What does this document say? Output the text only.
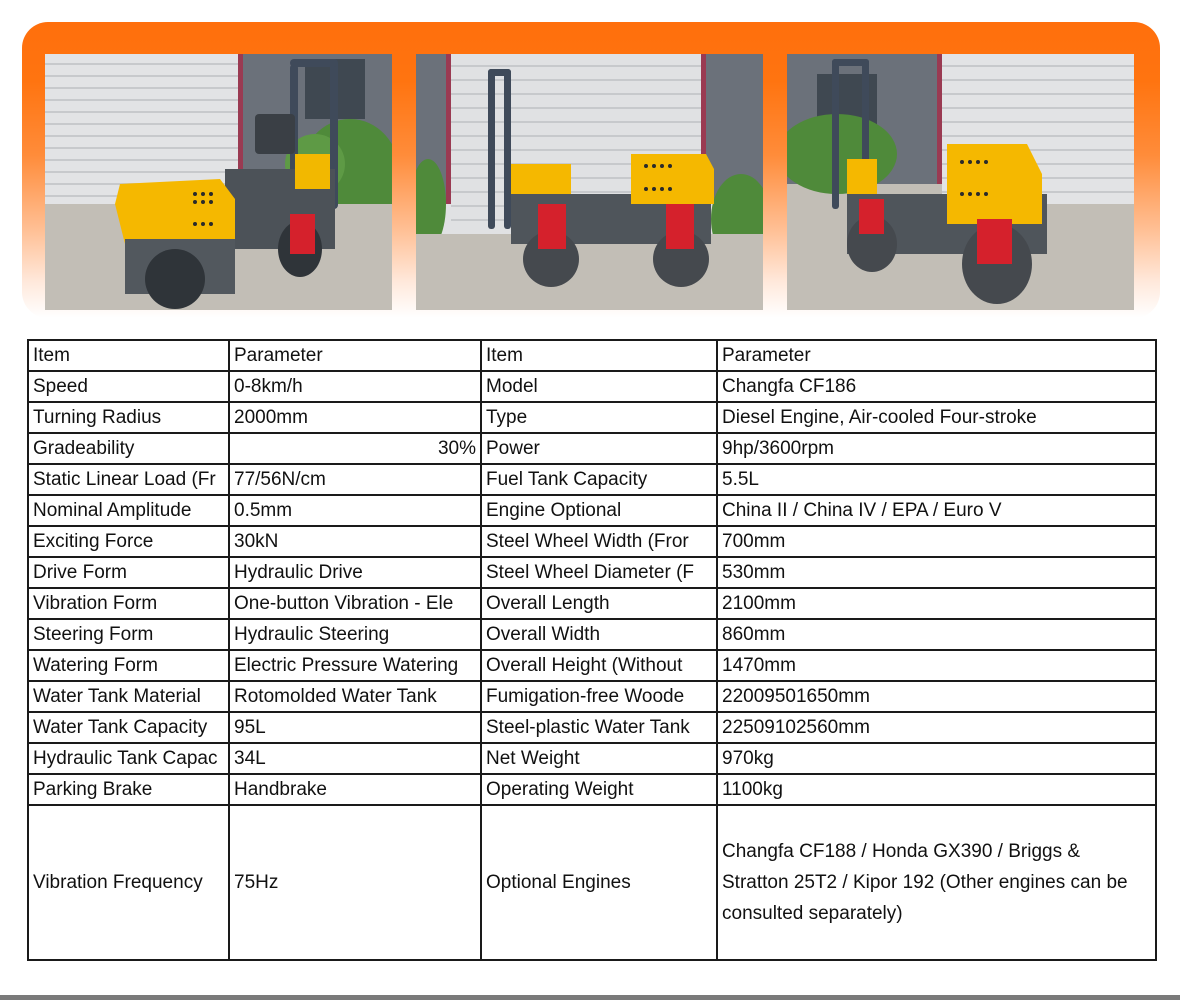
Item	Parameter	Item	Parameter
Speed	0-8km/h	Model	Changfa CF186
Turning Radius	2000mm	Type	Diesel Engine, Air-cooled Four-stroke
Gradeability	30%	Power	9hp/3600rpm
Static Linear Load (Fr	77/56N/cm	Fuel Tank Capacity	5.5L
Nominal Amplitude	0.5mm	Engine Optional	China II / China IV / EPA / Euro V
Exciting Force	30kN	Steel Wheel Width (Fror	700mm
Drive Form	Hydraulic Drive	Steel Wheel Diameter (F	530mm
Vibration Form	One-button Vibration - Ele	Overall Length	2100mm
Steering Form	Hydraulic Steering	Overall Width	860mm
Watering Form	Electric Pressure Watering	Overall Height (Without	1470mm
Water Tank Material	Rotomolded Water Tank	Fumigation-free Woode	22009501650mm
Water Tank Capacity	95L	Steel-plastic Water Tank	22509102560mm
Hydraulic Tank Capac	34L	Net Weight	970kg
Parking Brake	Handbrake	Operating Weight	1100kg
Vibration Frequency	75Hz	Optional Engines	Changfa CF188 / Honda GX390 / Briggs & Stratton 25T2 / Kipor 192 (Other engines can be consulted separately)
